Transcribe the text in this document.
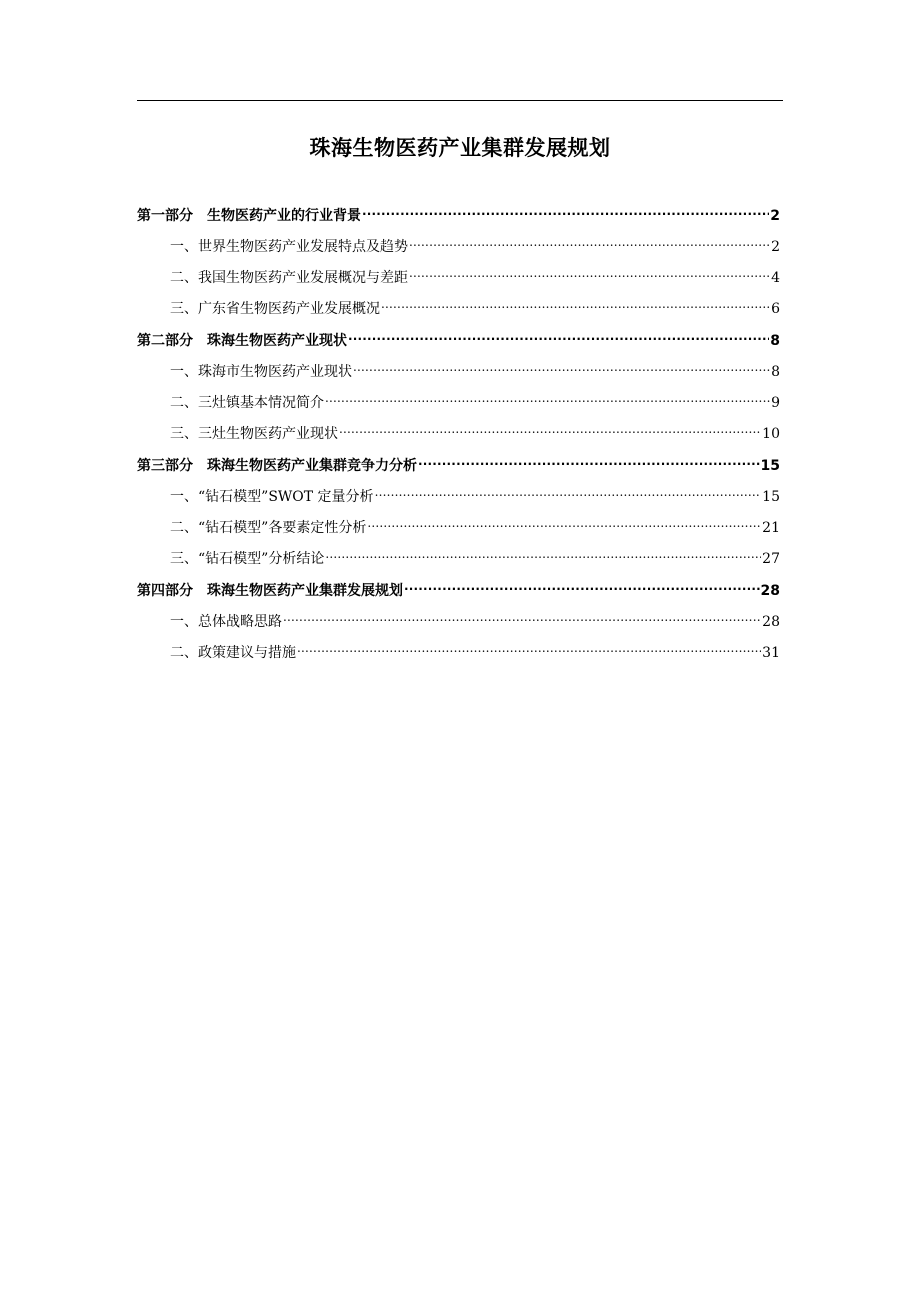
珠海生物医药产业集群发展规划
第一部分　生物医药产业的行业背景 .....	2
一、世界生物医药产业发展特点及趋势 .....	2
二、我国生物医药产业发展概况与差距 .....	4
三、广东省生物医药产业发展概况 .....	6
第二部分　珠海生物医药产业现状 .....	8
一、珠海市生物医药产业现状 .....	8
二、三灶镇基本情况简介 .....	9
三、三灶生物医药产业现状 .....	10
第三部分　珠海生物医药产业集群竞争力分析 .....	15
一、“钻石模型”SWOT 定量分析 .....	15
二、“钻石模型”各要素定性分析 .....	21
三、“钻石模型”分析结论 .....	27
第四部分　珠海生物医药产业集群发展规划 .....	28
一、总体战略思路 .....	28
二、政策建议与措施 .....	31
